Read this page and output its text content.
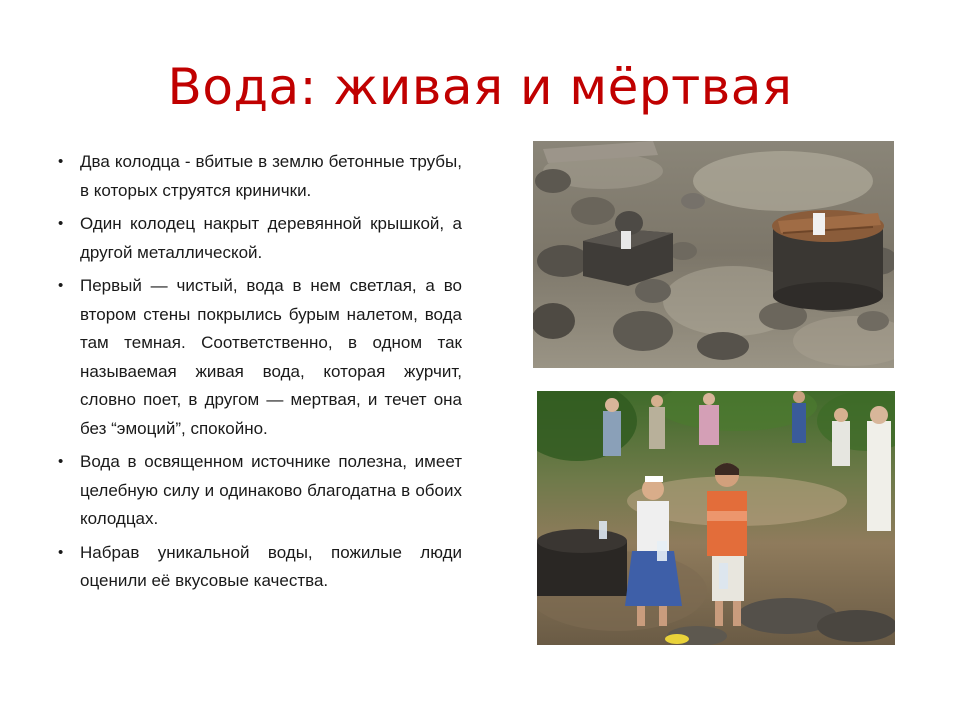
Вода: живая и мёртвая
• Два колодца - вбитые в землю бетонные трубы, в которых струятся кринички.
• Один колодец накрыт деревянной крышкой, а другой металлической.
• Первый — чистый, вода в нем светлая, а во втором стены покрылись бурым налетом, вода там темная. Соответственно, в одном так называемая живая вода, которая журчит, словно поет, в другом — мертвая, и течет она без “эмоций”, спокойно.
• Вода в освященном источнике полезна, имеет целебную силу и одинаково благодатна в обоих колодцах.
• Набрав уникальной воды, пожилые люди оценили её вкусовые качества.
